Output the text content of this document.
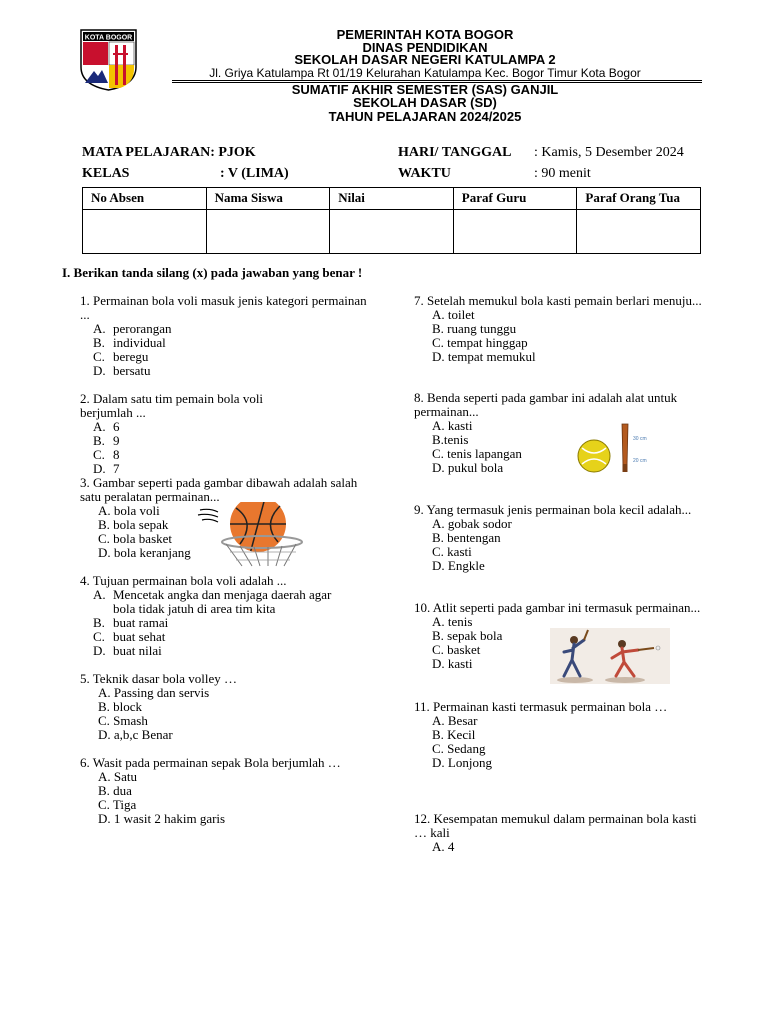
KOTA BOGOR	PEMERINTAH KOTA BOGOR
DINAS PENDIDIKAN
SEKOLAH DASAR NEGERI KATULAMPA 2
Jl. Griya Katulampa Rt 01/19 Kelurahan Katulampa Kec. Bogor Timur Kota Bogor
SUMATIF AKHIR SEMESTER (SAS) GANJIL
SEKOLAH DASAR (SD)
TAHUN PELAJARAN 2024/2025
MATA PELAJARAN: PJOK	HARI/ TANGGAL : Kamis, 5 Desember 2024
KELAS	: V (LIMA)	WAKTU	: 90 menit
No Absen	Nama Siswa	Nilai	Paraf Guru	Paraf Orang Tua

I. Berikan tanda silang (x) pada jawaban yang benar !

1. Permainan bola voli masuk jenis kategori permainan ...

A. perorangan

B. individual

C. beregu

D. bersatu

2. Dalam satu tim pemain bola voli berjumlah ...

A. 6

B. 9

C. 8

D. 7

3. Gambar seperti pada gambar dibawah adalah salah satu peralatan permainan...

A. bola voli

B. bola sepak

C. bola basket

D. bola keranjang

4. Tujuan permainan bola voli adalah ...

A. Mencetak angka dan menjaga daerah agar

bola tidak jatuh di area tim kita

B. buat ramai

C. buat sehat

D. buat nilai

5. Teknik dasar bola volley …

A. Passing dan servis

B. block

C. Smash

D. a,b,c Benar

6. Wasit pada permainan sepak Bola berjumlah …

A. Satu

B. dua

C. Tiga

D. 1 wasit 2 hakim garis

7. Setelah memukul bola kasti pemain berlari menuju...

A. toilet

B. ruang tunggu

C. tempat hinggap

D. tempat memukul

8. Benda seperti pada gambar ini adalah alat untuk permainan...

A. kasti

B.tenis

C. tenis lapangan

D. pukul bola

9. Yang termasuk jenis permainan bola kecil adalah...

A. gobak sodor

B. bentengan

C. kasti

D. Engkle

10. Atlit seperti pada gambar ini termasuk permainan...

A. tenis

B. sepak bola

C. basket

D. kasti

11. Permainan kasti termasuk permainan bola …

A. Besar

B. Kecil

C. Sedang

D. Lonjong

12. Kesempatan memukul dalam permainan bola kasti … kali

A. 4

30 cm
20 cm
